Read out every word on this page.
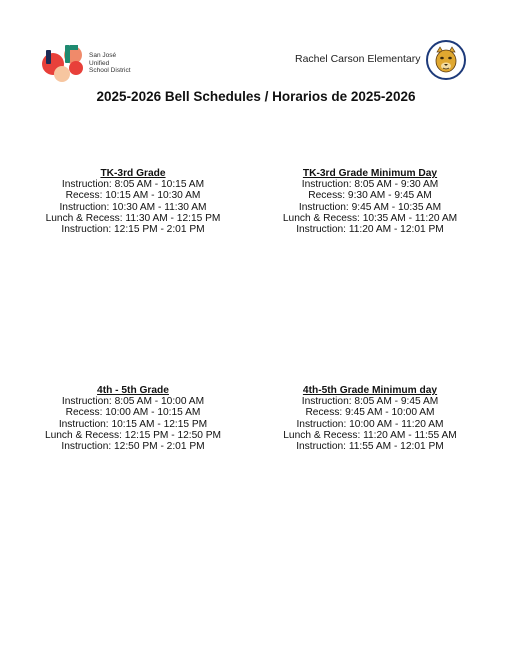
San José
Unified
School District
Rachel Carson Elementary
2025-2026 Bell Schedules / Horarios de 2025-2026
TK-3rd Grade
Instruction: 8:05 AM - 10:15 AM
Recess: 10:15 AM - 10:30 AM
Instruction: 10:30 AM - 11:30 AM
Lunch & Recess: 11:30 AM - 12:15 PM
Instruction: 12:15 PM - 2:01 PM
TK-3rd Grade Minimum Day
Instruction: 8:05 AM - 9:30 AM
Recess: 9:30 AM - 9:45 AM
Instruction: 9:45 AM - 10:35 AM
Lunch & Recess: 10:35 AM - 11:20 AM
Instruction: 11:20 AM - 12:01 PM
4th - 5th Grade
Instruction: 8:05 AM - 10:00 AM
Recess: 10:00 AM - 10:15 AM
Instruction: 10:15 AM - 12:15 PM
Lunch & Recess: 12:15 PM - 12:50 PM
Instruction: 12:50 PM - 2:01 PM
4th-5th Grade Minimum day
Instruction: 8:05 AM - 9:45 AM
Recess: 9:45 AM - 10:00 AM
Instruction: 10:00 AM - 11:20 AM
Lunch & Recess: 11:20 AM - 11:55 AM
Instruction: 11:55 AM - 12:01 PM
